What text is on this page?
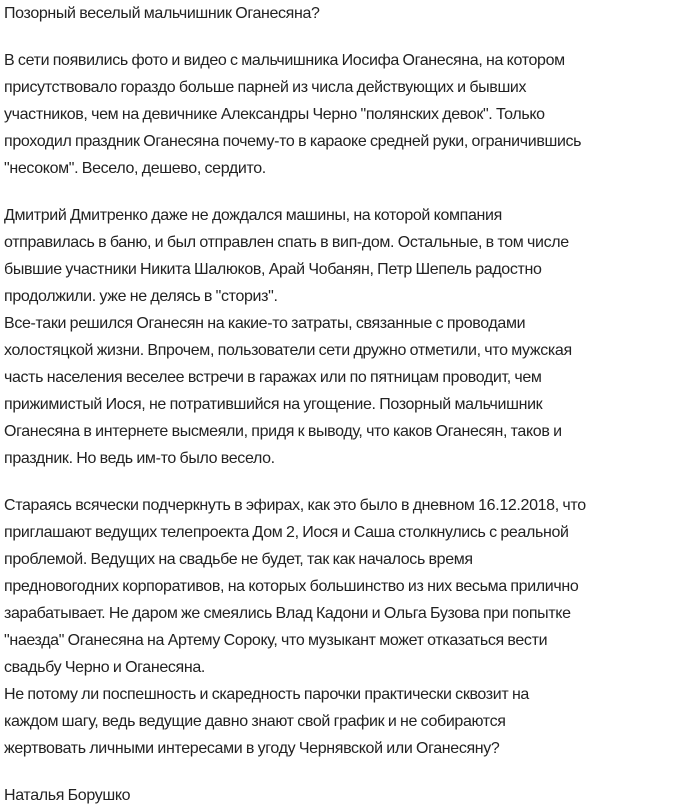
Позорный веселый мальчишник Оганесяна?
В сети появились фото и видео с мальчишника Иосифа Оганесяна, на котором
присутствовало гораздо больше парней из числа действующих и бывших
участников, чем на девичнике Александры Черно "полянских девок". Только
проходил праздник Оганесяна почему-то в караоке средней руки, ограничившись
"несоком". Весело, дешево, сердито.
Дмитрий Дмитренко даже не дождался машины, на которой компания
отправилась в баню, и был отправлен спать в вип-дом. Остальные, в том числе
бывшие участники Никита Шалюков, Арай Чобанян, Петр Шепель радостно
продолжили. уже не делясь в "сториз".
Все-таки решился Оганесян на какие-то затраты, связанные с проводами
холостяцкой жизни. Впрочем, пользователи сети дружно отметили, что мужская
часть населения веселее встречи в гаражах или по пятницам проводит, чем
прижимистый Иося, не потратившийся на угощение. Позорный мальчишник
Оганесяна в интернете высмеяли, придя к выводу, что каков Оганесян, таков и
праздник. Но ведь им-то было весело.
Стараясь всячески подчеркнуть в эфирах, как это было в дневном 16.12.2018, что
приглашают ведущих телепроекта Дом 2, Иося и Саша столкнулись с реальной
проблемой. Ведущих на свадьбе не будет, так как началось время
предновогодних корпоративов, на которых большинство из них весьма прилично
зарабатывает. Не даром же смеялись Влад Кадони и Ольга Бузова при попытке
"наезда" Оганесяна на Артему Сороку, что музыкант может отказаться вести
свадьбу Черно и Оганесяна.
Не потому ли поспешность и скаредность парочки практически сквозит на
каждом шагу, ведь ведущие давно знают свой график и не собираются
жертвовать личными интересами в угоду Чернявской или Оганесяну?
Наталья Борушко
